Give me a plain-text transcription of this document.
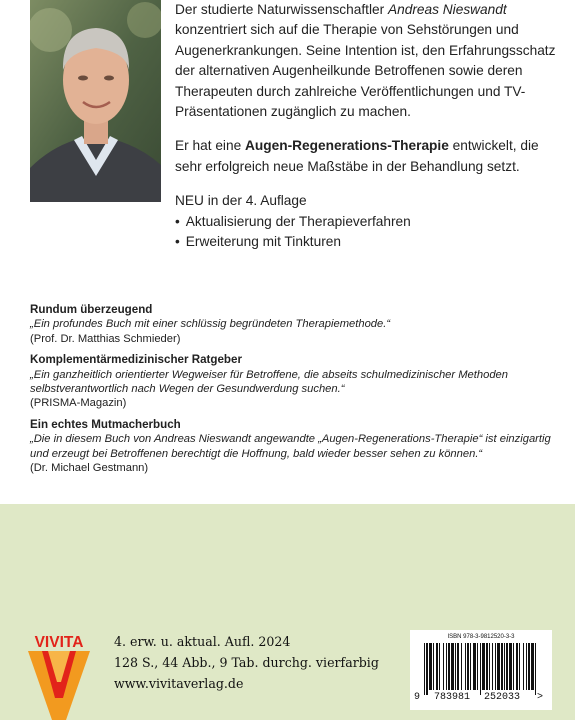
Der studierte Naturwissenschaftler Andreas Nieswandt konzentriert sich auf die Therapie von Sehstörungen und Augenerkrankungen. Seine Intention ist, den Erfahrungsschatz der alternativen Augenheilkunde Betroffenen sowie deren Therapeuten durch zahlreiche Veröffentlichungen und TV-Präsentationen zugänglich zu machen.

Er hat eine Augen-Regenerations-Therapie entwickelt, die sehr erfolgreich neue Maßstäbe in der Behandlung setzt.

NEU in der 4. Auflage

• Aktualisierung der Therapieverfahren
• Erweiterung mit Tinkturen
Rundum überzeugend
„Ein profundes Buch mit einer schlüssig begründeten Therapiemethode.“
(Prof. Dr. Matthias Schmieder)
Komplementärmedizinischer Ratgeber
„Ein ganzheitlich orientierter Wegweiser für Betroffene, die abseits schulmedizinischer Methoden selbstverantwortlich nach Wegen der Gesundwerdung suchen.“
(PRISMA-Magazin)
Ein echtes Mutmacherbuch
„Die in diesem Buch von Andreas Nieswandt angewandte „Augen-Regenerations-Therapie“ ist einzigartig und erzeugt bei Betroffenen berechtigt die Hoffnung, bald wieder besser sehen zu können.“
(Dr. Michael Gestmann)
VIVITA 4. erw. u. aktual. Aufl. 2024
128 S., 44 Abb., 9 Tab. durchg. vierfarbig
www.vivitaverlag.de
ISBN 978-3-9812520-3-3
9 783981 252033 >
